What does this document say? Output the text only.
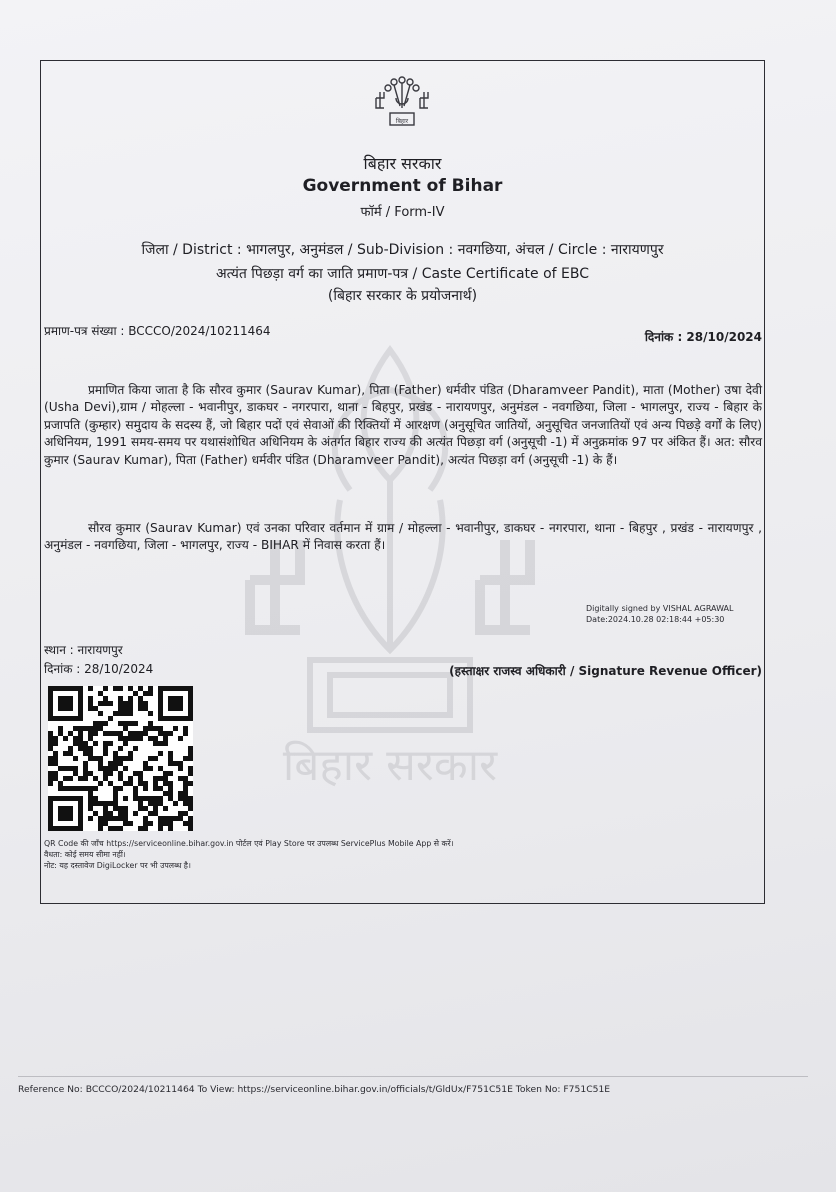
बिहार सरकार
बिहार
बिहार सरकार
Government of Bihar
फॉर्म / Form-IV
जिला / District : भागलपुर, अनुमंडल / Sub-Division : नवगछिया, अंचल / Circle : नारायणपुर
अत्यंत पिछड़ा वर्ग का जाति प्रमाण-पत्र / Caste Certificate of EBC
(बिहार सरकार के प्रयोजनार्थ)
प्रमाण-पत्र संख्या : BCCCO/2024/10211464	दिनांक : 28/10/2024

प्रमाणित किया जाता है कि सौरव कुमार (Saurav Kumar), पिता (Father) धर्मवीर पंडित (Dharamveer Pandit), माता (Mother) उषा देवी (Usha Devi),ग्राम / मोहल्ला - भवानीपुर, डाकघर - नगरपारा, थाना - बिहपुर, प्रखंड - नारायणपुर, अनुमंडल - नवगछिया, जिला - भागलपुर, राज्य - बिहार के प्रजापति (कुम्हार) समुदाय के सदस्य हैं, जो बिहार पदों एवं सेवाओं की रिक्तियों में आरक्षण (अनुसूचित जातियों, अनुसूचित जनजातियों एवं अन्य पिछड़े वर्गों के लिए) अधिनियम, 1991 समय-समय पर यथासंशोधित अधिनियम के अंतर्गत बिहार राज्य की अत्यंत पिछड़ा वर्ग (अनुसूची -1) में अनुक्रमांक 97 पर अंकित हैं। अत: सौरव कुमार (Saurav Kumar), पिता (Father) धर्मवीर पंडित (Dharamveer Pandit), अत्यंत पिछड़ा वर्ग (अनुसूची -1) के हैं।

सौरव कुमार (Saurav Kumar) एवं उनका परिवार वर्तमान में ग्राम / मोहल्ला - भवानीपुर, डाकघर - नगरपारा, थाना - बिहपुर , प्रखंड - नारायणपुर , अनुमंडल - नवगछिया, जिला - भागलपुर, राज्य - BIHAR में निवास करता हैं।

Digitally signed by VISHAL AGRAWAL
Date:2024.10.28 02:18:44 +05:30
स्थान : नारायणपुर
दिनांक : 28/10/2024	(हस्ताक्षर राजस्व अधिकारी / Signature Revenue Officer)
QR Code की जाँच https://serviceonline.bihar.gov.in पोर्टल एवं Play Store पर उपलब्ध ServicePlus Mobile App से करें।
वैधता: कोई समय सीमा नहीं।
नोट: यह दस्तावेज DigiLocker पर भी उपलब्ध है।
Reference No: BCCCO/2024/10211464 To View: https://serviceonline.bihar.gov.in/officials/t/GldUx/F751C51E Token No: F751C51E
